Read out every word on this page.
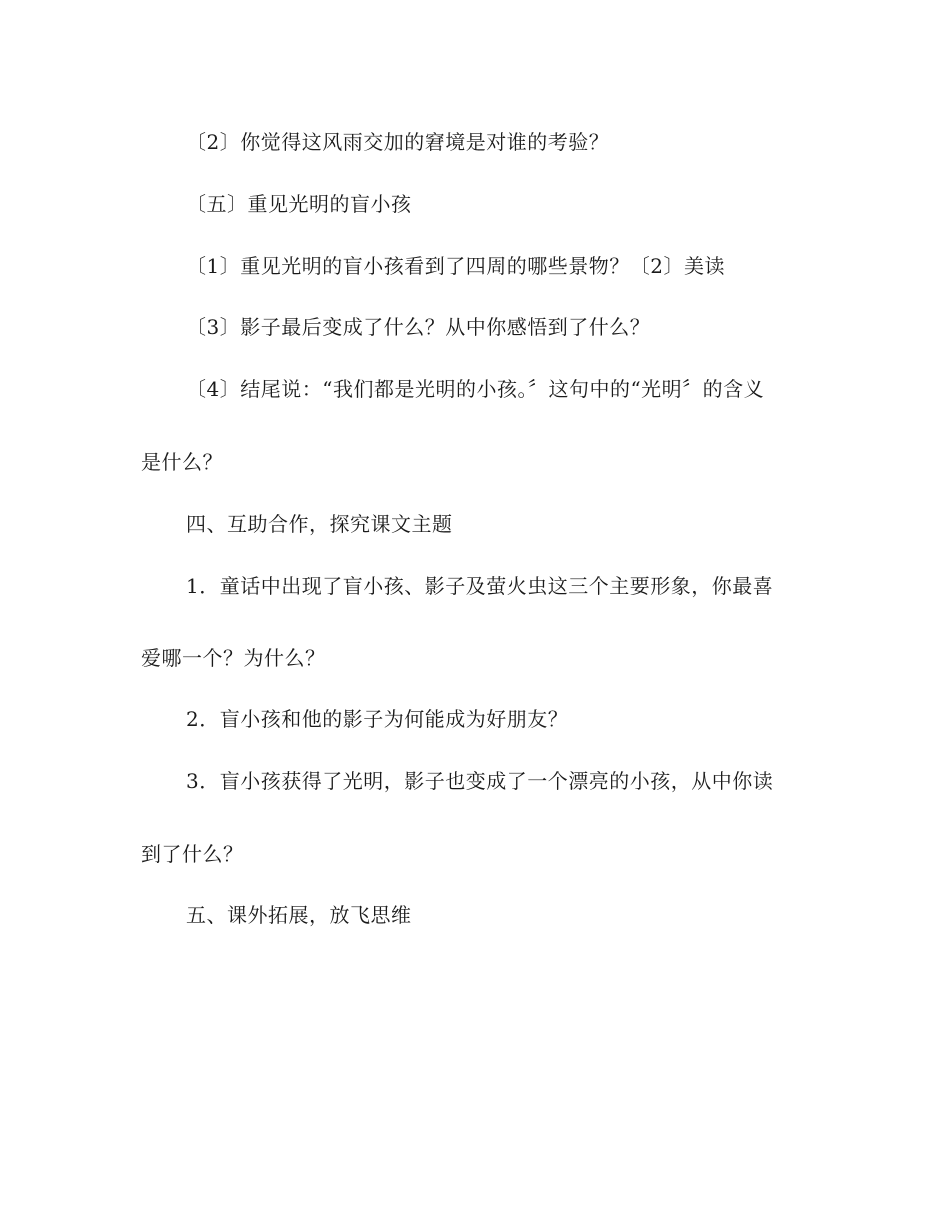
〔2〕你觉得这风雨交加的窘境是对谁的考验？
〔五〕重见光明的盲小孩
〔1〕重见光明的盲小孩看到了四周的哪些景物？〔2〕美读
〔3〕影子最后变成了什么？从中你感悟到了什么？
〔4〕结尾说：“我们都是光明的小孩。〞这句中的“光明〞的含义
是什么？
四、互助合作，探究课文主题
1．童话中出现了盲小孩、影子及萤火虫这三个主要形象，你最喜
爱哪一个？为什么？
2．盲小孩和他的影子为何能成为好朋友？
3．盲小孩获得了光明，影子也变成了一个漂亮的小孩，从中你读
到了什么？
五、课外拓展，放飞思维
